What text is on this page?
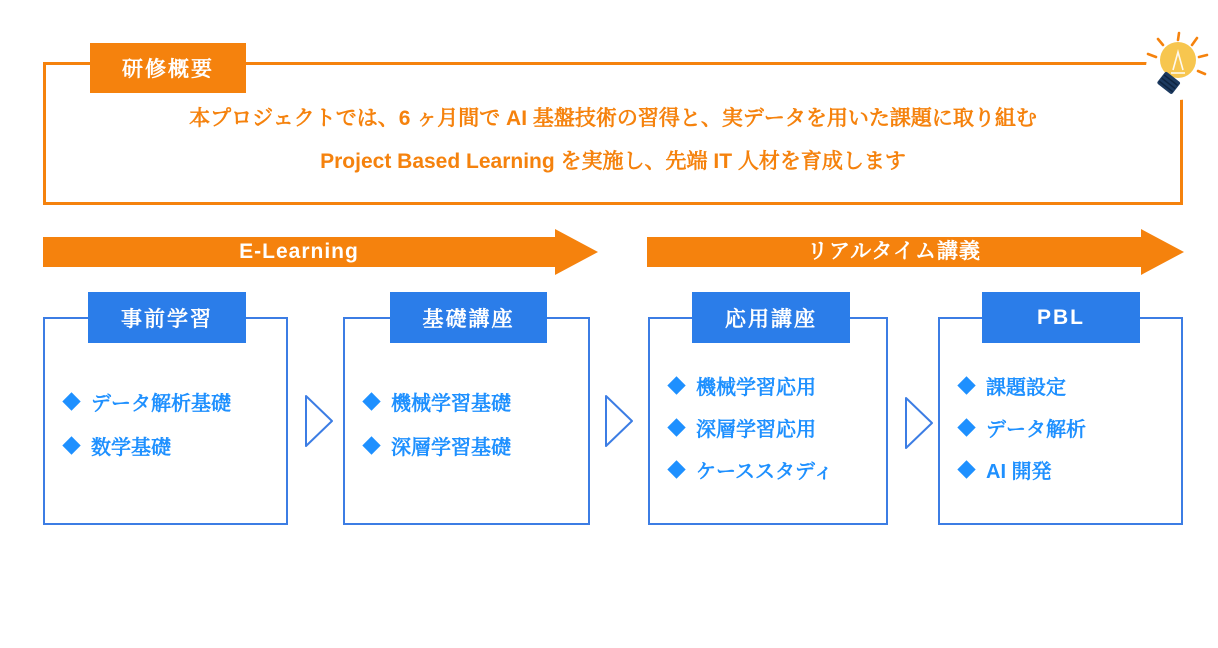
研修概要
本プロジェクトでは、6 ヶ月間で AI 基盤技術の習得と、実データを用いた課題に取り組む
Project Based Learning を実施し、先端 IT 人材を育成します
E-Learning	リアルタイム講義
事前学習
データ解析基礎
数学基礎
基礎講座
機械学習基礎
深層学習基礎
応用講座
機械学習応用
深層学習応用
ケーススタディ
PBL
課題設定
データ解析
AI 開発
